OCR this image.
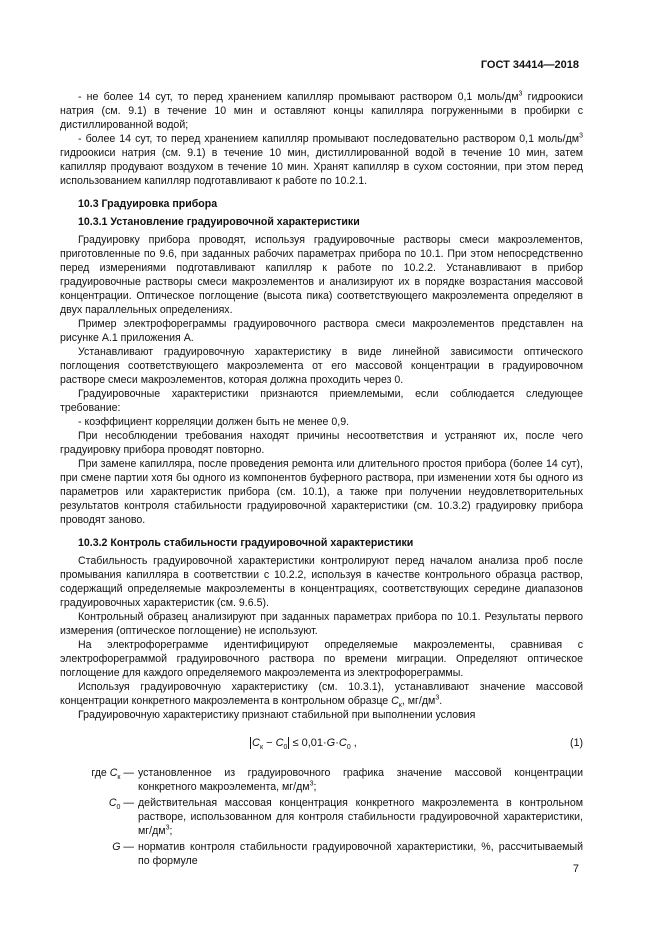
ГОСТ 34414—2018

- не более 14 сут, то перед хранением капилляр промывают раствором 0,1 моль/$дм^3$ гидроокиси натрия (см. 9.1) в течение 10 мин и оставляют концы капилляра погруженными в пробирки с дистиллированной водой;

- более 14 сут, то перед хранением капилляр промывают последовательно раствором 0,1 моль/$дм^3$ гидроокиси натрия (см. 9.1) в течение 10 мин, дистиллированной водой в течение 10 мин, затем капилляр продувают воздухом в течение 10 мин. Хранят капилляр в сухом состоянии, при этом перед использованием капилляр подготавливают к работе по 10.2.1.

10.3 Градуировка прибора

10.3.1 Установление градуировочной характеристики

Градуировку прибора проводят, используя градуировочные растворы смеси макроэлементов, приготовленные по 9.6, при заданных рабочих параметрах прибора по 10.1. При этом непосредственно перед измерениями подготавливают капилляр к работе по 10.2.2. Устанавливают в прибор градуировочные растворы смеси макроэлементов и анализируют их в порядке возрастания массовой концентрации. Оптическое поглощение (высота пика) соответствующего макроэлемента определяют в двух параллельных определениях.

Пример электрофореграммы градуировочного раствора смеси макроэлементов представлен на рисунке А.1 приложения А.

Устанавливают градуировочную характеристику в виде линейной зависимости оптического поглощения соответствующего макроэлемента от его массовой концентрации в градуировочном растворе смеси макроэлементов, которая должна проходить через 0.

Градуировочные характеристики признаются приемлемыми, если соблюдается следующее требование:

- коэффициент корреляции должен быть не менее 0,9.

При несоблюдении требования находят причины несоответствия и устраняют их, после чего градуировку прибора проводят повторно.

При замене капилляра, после проведения ремонта или длительного простоя прибора (более 14 сут), при смене партии хотя бы одного из компонентов буферного раствора, при изменении хотя бы одного из параметров или характеристик прибора (см. 10.1), а также при получении неудовлетворительных результатов контроля стабильности градуировочной характеристики (см. 10.3.2) градуировку прибора проводят заново.

10.3.2 Контроль стабильности градуировочной характеристики

Стабильность градуировочной характеристики контролируют перед началом анализа проб после промывания капилляра в соответствии с 10.2.2, используя в качестве контрольного образца раствор, содержащий определяемые макроэлементы в концентрациях, соответствующих середине диапазонов градуировочных характеристик (см. 9.6.5).

Контрольный образец анализируют при заданных параметрах прибора по 10.1. Результаты первого измерения (оптическое поглощение) не используют.

На электрофореграмме идентифицируют определяемые макроэлементы, сравнивая с электрофореграммой градуировочного раствора по времени миграции. Определяют оптическое поглощение для каждого определяемого макроэлемента из электрофореграммы.

Используя градуировочную характеристику (см. 10.3.1), устанавливают значение массовой концентрации конкретного макроэлемента в контрольном образце $C_к$, $мг/дм^3$.

Градуировочную характеристику признают стабильной при выполнении условия

$C_к - C_0 \le 0,01\cdot G\cdot C_0$ ,	(1)
где $C_к$ — установленное из градуировочного графика значение массовой концентрации конкретного макроэлемента, $мг/дм^3$;
$C_0$ — действительная массовая концентрация конкретного макроэлемента в контрольном растворе, использованном для контроля стабильности градуировочной характеристики, $мг/дм^3$;
G — норматив контроля стабильности градуировочной характеристики, %, рассчитываемый по формуле
7
